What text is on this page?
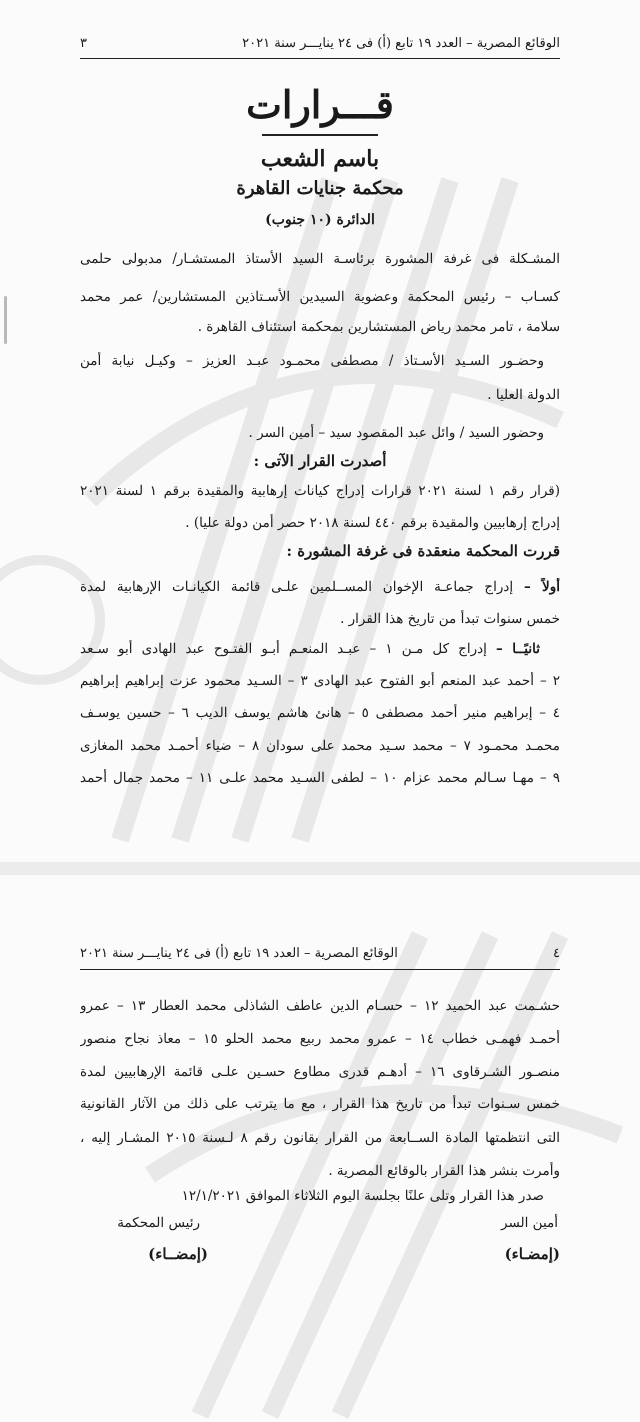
الوقائع المصرية – العدد ١٩ تابع (أ) فى ٢٤ ينايـــر سنة ٢٠٢١
٣
قـــرارات
باسم الشعب
محكمة جنايات القاهرة
الدائرة (١٠ جنوب)
المشـكلة فى غرفة المشورة برئاسـة السيد الأستاذ المستشـار/ مدبولى حلمى
كسـاب – رئيس المحكمة وعضوية السيدين الأسـتاذين المستشارين/ عمر محمد
سلامة ، تامر محمد رياض المستشارين بمحكمة استئناف القاهرة .
وحضـور السـيد الأسـتاذ / مصطفى محمـود عبـد العزيز – وكيـل نيابة أمن
الدولة العليا .
وحضور السيد / وائل عبد المقصود سيد – أمين السر .
أصدرت القرار الآتى :
(قرار رقم ١ لسنة ٢٠٢١ قرارات إدراج كيانات إرهابية والمقيدة برقم ١ لسنة ٢٠٢١
إدراج إرهابيين والمقيدة برقم ٤٤٠ لسنة ٢٠١٨ حصر أمن دولة عليا) .
قررت المحكمة منعقدة فى غرفة المشورة :
أولاً – إدراج جماعـة الإخوان المســلمين علـى قائمة الكيانـات الإرهابية لمدة
خمس سنوات تبدأ من تاريخ هذا القرار .
ثانيًــا – إدراج كل مـن ١ – عبـد المنعـم أبـو الفتـوح عبد الهادى أبو سـعد
٢ – أحمد عبد المنعم أبو الفتوح عبد الهادى ٣ – السـيد محمود عزت إبراهيم إبراهيم
٤ – إبراهيم منير أحمد مصطفى ٥ – هانئ هاشم يوسف الديب ٦ – حسين يوسـف
محمـد محمـود ٧ – محمد سـيد محمد على سودان ٨ – ضياء أحمـد محمد المغازى
٩ – مهـا سـالم محمد عزام ١٠ – لطفى السـيد محمد علـى ١١ – محمد جمال أحمد
٤
الوقائع المصرية – العدد ١٩ تابع (أ) فى ٢٤ ينايـــر سنة ٢٠٢١
حشـمت عبد الحميد ١٢ – حسـام الدين عاطف الشاذلى محمد العطار ١٣ – عمرو
أحمـد فهمـى خطاب ١٤ – عمرو محمد ربيع محمد الحلو ١٥ – معاذ نجاح منصور
منصـور الشـرقاوى ١٦ – أدهـم قدرى مطاوع حسـين علـى قائمة الإرهابيين لمدة
خمس سـنوات تبدأ من تاريخ هذا القرار ، مع ما يترتب على ذلك من الآثار القانونية
التى انتظمتها المادة الســابعة من القرار بقانون رقم ٨ لـسنة ٢٠١٥ المشـار إليه ،
وأمرت بنشر هذا القرار بالوقائع المصرية .
صدر هذا القرار وتلى علنًا بجلسة اليوم الثلاثاء الموافق ١٢/١/٢٠٢١
أمين السر
رئيس المحكمة
(إمضـاء)
(إمضــاء)
